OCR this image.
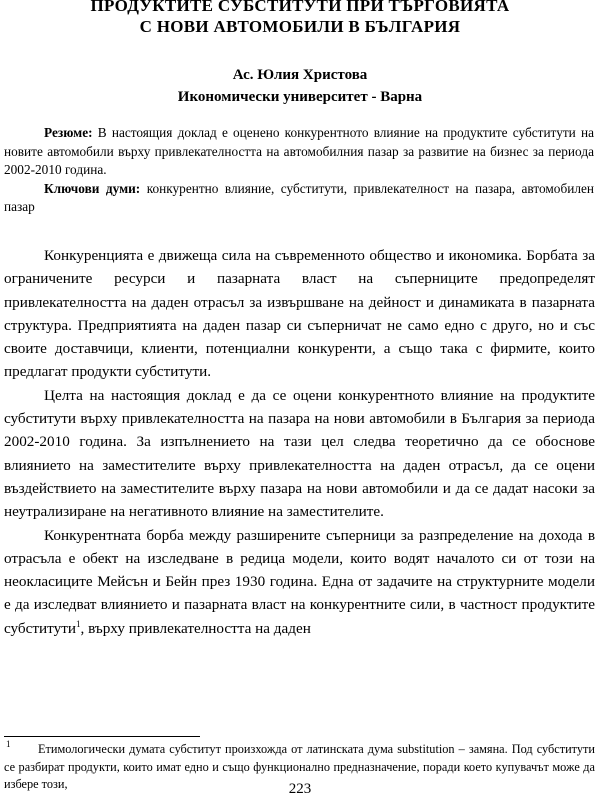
ПРОДУКТИТЕ СУБСТИТУТИ ПРИ ТЪРГОВИЯТА
С НОВИ АВТОМОБИЛИ В БЪЛГАРИЯ
Ас. Юлия Христова
Икономически университет - Варна

Резюме: В настоящия доклад е оценено конкурентното влияние на продуктите субститути на новите автомобили върху привлекателността на автомобилния пазар за развитие на бизнес за периода 2002-2010 година.

Ключови думи: конкурентно влияние, субститути, привлекателност на пазара, автомобилен пазар

Конкуренцията е движеща сила на съвременното общество и икономика. Борбата за ограничените ресурси и пазарната власт на съперниците предопределят привлекателността на даден отрасъл за извършване на дейност и динамиката в пазарната структура. Предприятията на даден пазар си съперничат не само едно с друго, но и със своите доставчици, клиенти, потенциални конкуренти, а също така с фирмите, които предлагат продукти субститути.

Целта на настоящия доклад е да се оцени конкурентното влияние на продуктите субститути върху привлекателността на пазара на нови автомобили в България за периода 2002-2010 година. За изпълнението на тази цел следва теоретично да се обоснове влиянието на заместителите върху привлекателността на даден отрасъл, да се оцени въздействието на заместителите върху пазара на нови автомобили и да се дадат насоки за неутрализиране на негативното влияние на заместителите.

Конкурентната борба между разширените съперници за разпределение на дохода в отрасъла е обект на изследване в редица модели, които водят началото си от този на неокласиците Мейсън и Бейн през 1930 година. Една от задачите на структурните модели е да изследват влиянието и пазарната власт на конкурентните сили, в частност продуктите субститути$^1$, върху привлекателността на даден

1	Етимологически думата субститут произхожда от латинската дума substitution – замяна. Под субститути се разбират продукти, които имат едно и също функционално предназначение, поради което купувачът може да избере този,	223
